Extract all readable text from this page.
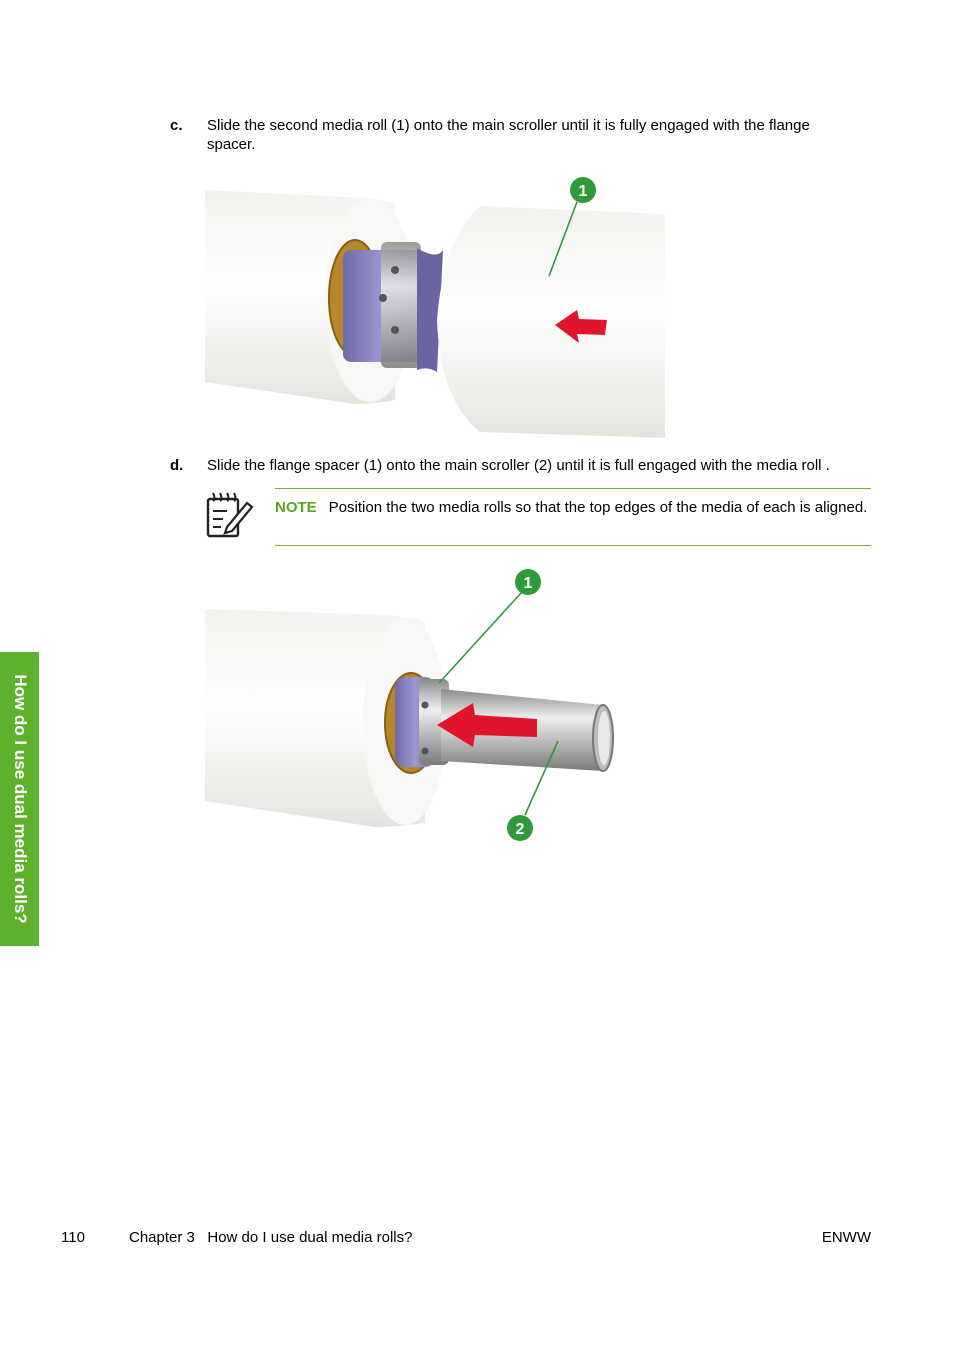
c.	Slide the second media roll (1) onto the main scroller until it is fully engaged with the flange spacer.
1
d.	Slide the flange spacer (1) onto the main scroller (2) until it is full engaged with the media roll .
NOTE Position the two media rolls so that the top edges of the media of each is aligned.
1
2
How do I use dual media rolls?
110	Chapter 3   How do I use dual media rolls?	ENWW
